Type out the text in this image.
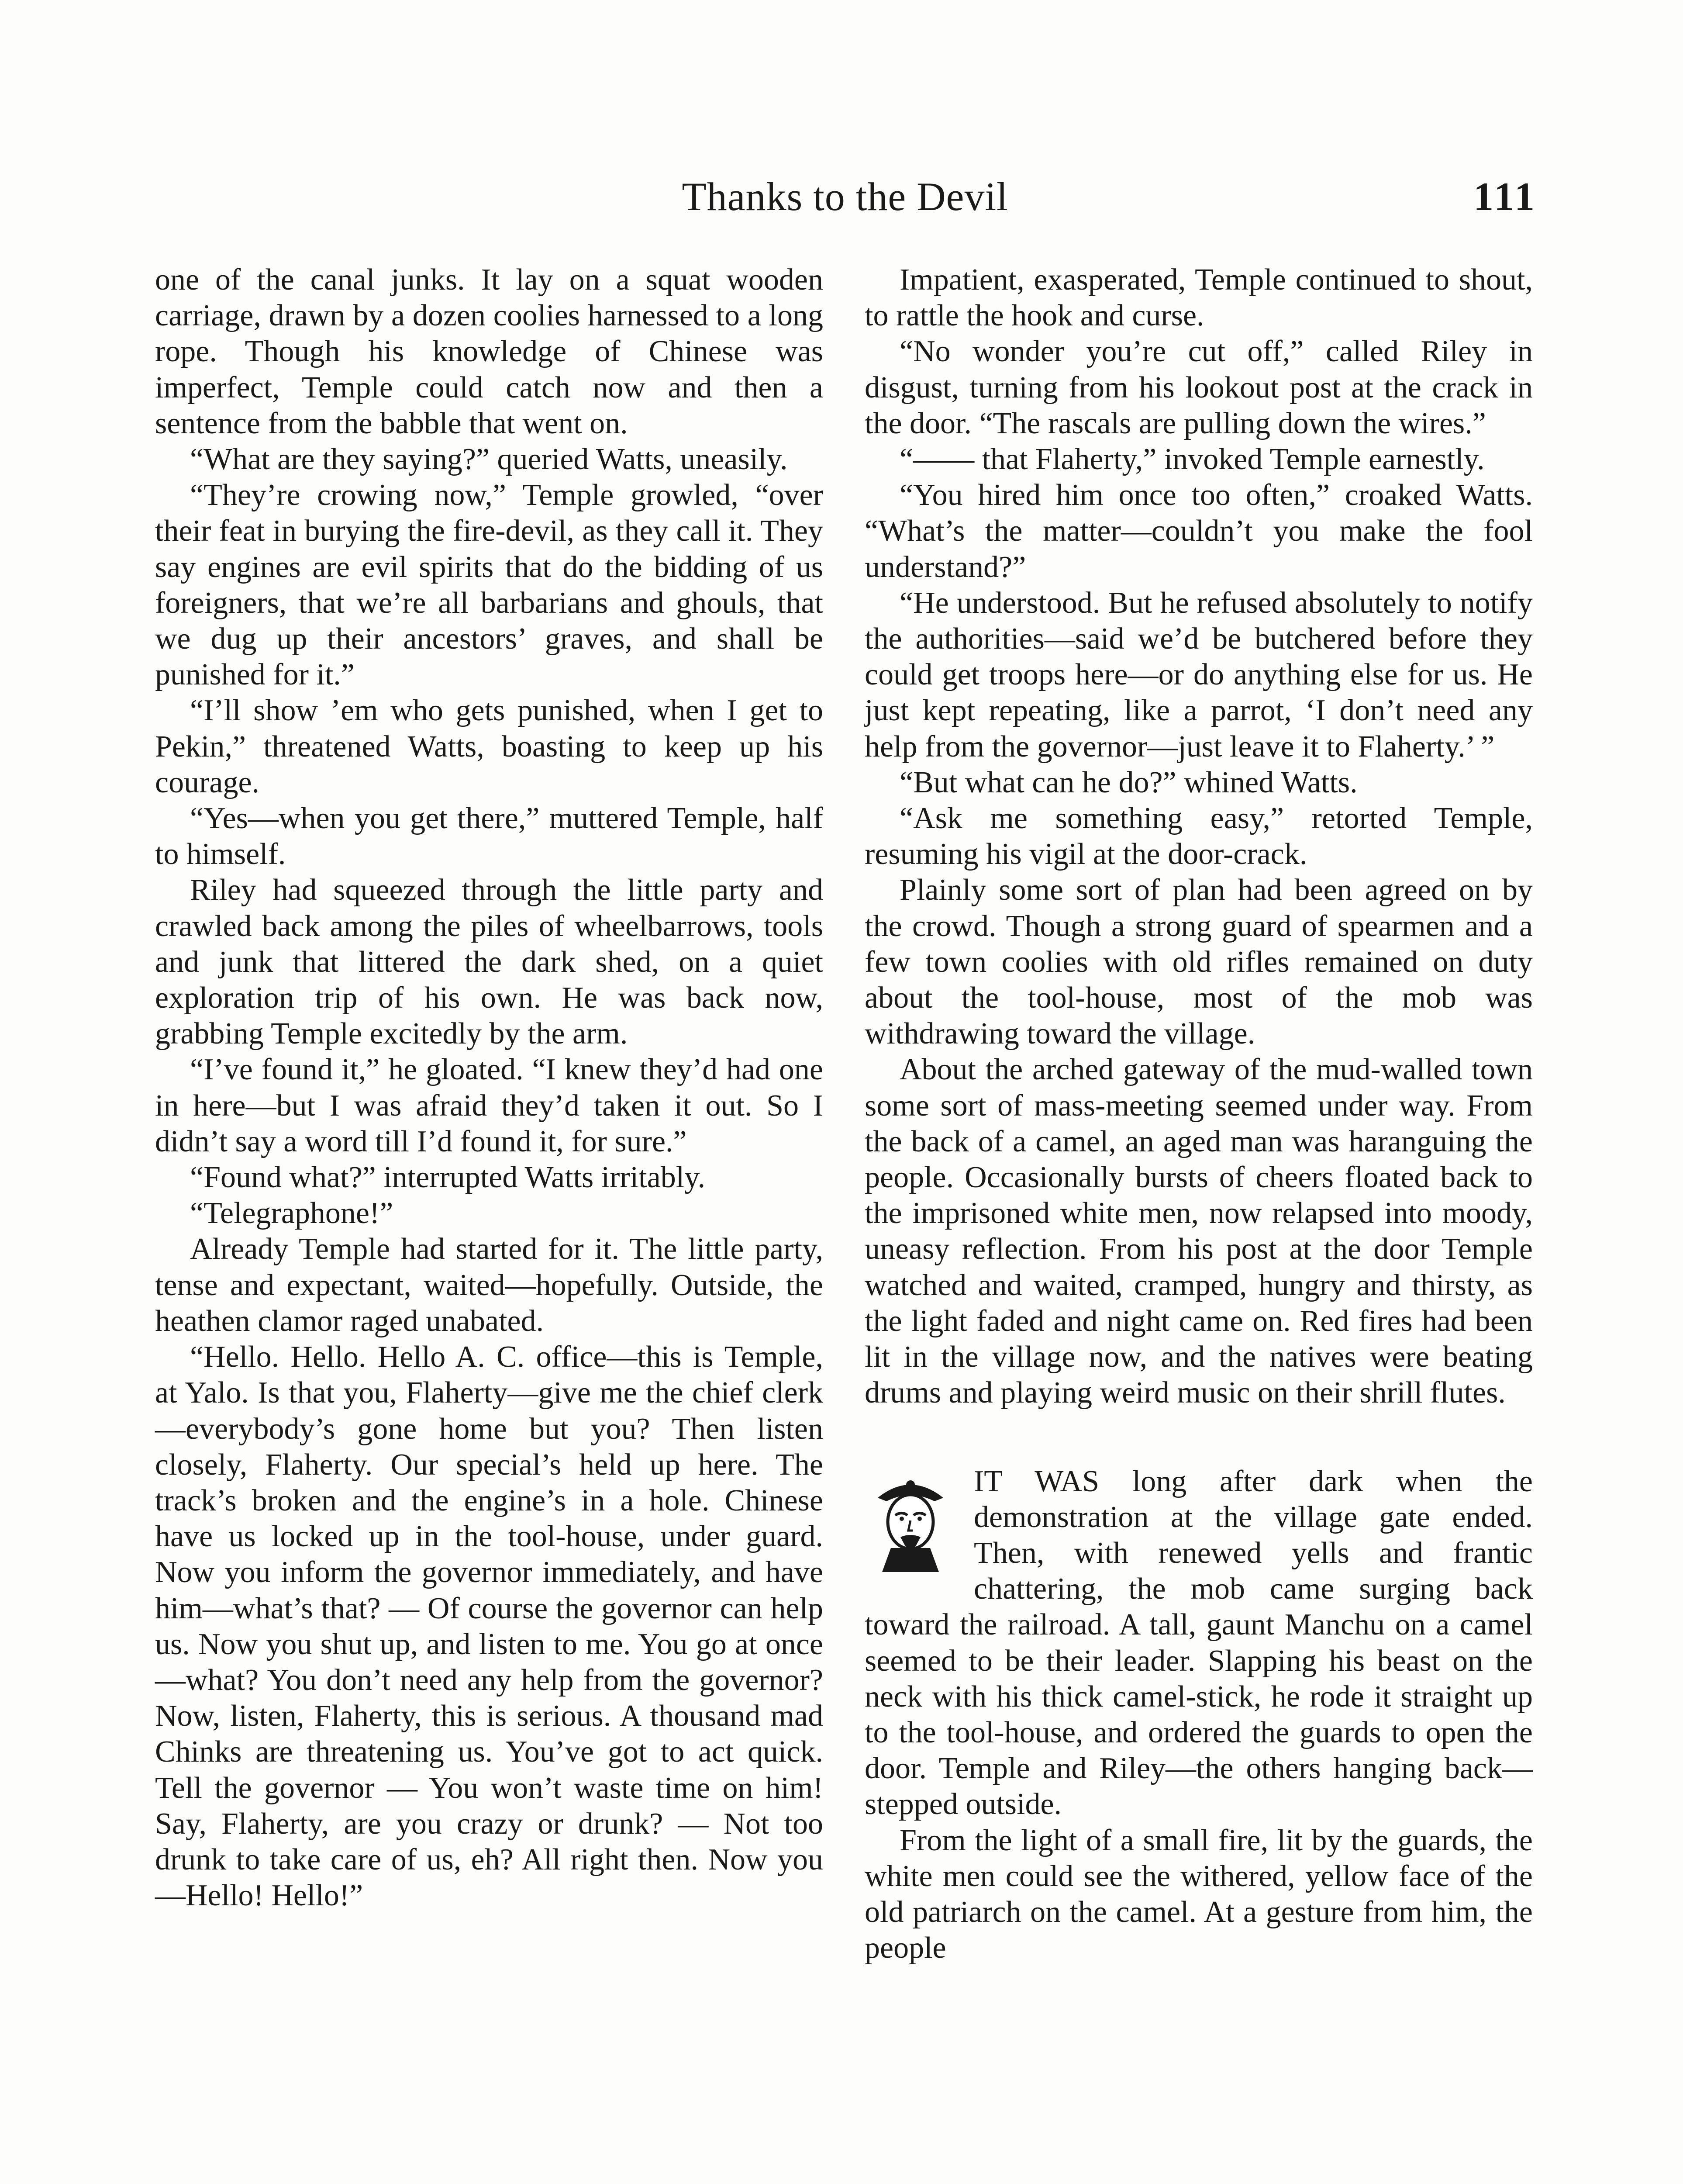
Thanks to the Devil	111

one of the canal junks. It lay on a squat wooden carriage, drawn by a dozen coolies harnessed to a long rope. Though his knowledge of Chinese was imperfect, Temple could catch now and then a sentence from the babble that went on.

“What are they saying?” queried Watts, uneasily.

“They’re crowing now,” Temple growled, “over their feat in burying the fire-devil, as they call it. They say engines are evil spirits that do the bidding of us foreigners, that we’re all barbarians and ghouls, that we dug up their ancestors’ graves, and shall be punished for it.”

“I’ll show ’em who gets punished, when I get to Pekin,” threatened Watts, boasting to keep up his courage.

“Yes—when you get there,” muttered Temple, half to himself.

Riley had squeezed through the little party and crawled back among the piles of wheelbarrows, tools and junk that littered the dark shed, on a quiet exploration trip of his own. He was back now, grabbing Temple excitedly by the arm.

“I’ve found it,” he gloated. “I knew they’d had one in here—but I was afraid they’d taken it out. So I didn’t say a word till I’d found it, for sure.”

“Found what?” interrupted Watts irritably.

“Telegraphone!”

Already Temple had started for it. The little party, tense and expectant, waited—hopefully. Outside, the heathen clamor raged unabated.

“Hello. Hello. Hello A. C. office—this is Temple, at Yalo. Is that you, Flaherty—give me the chief clerk—everybody’s gone home but you? Then listen closely, Flaherty. Our special’s held up here. The track’s broken and the engine’s in a hole. Chinese have us locked up in the tool-house, under guard. Now you inform the governor immediately, and have him—what’s that? — Of course the governor can help us. Now you shut up, and listen to me. You go at once—what? You don’t need any help from the governor? Now, listen, Flaherty, this is serious. A thousand mad Chinks are threatening us. You’ve got to act quick. Tell the governor — You won’t waste time on him! Say, Flaherty, are you crazy or drunk? — Not too drunk to take care of us, eh? All right then. Now you—Hello! Hello!”

Impatient, exasperated, Temple continued to shout, to rattle the hook and curse.

“No wonder you’re cut off,” called Riley in disgust, turning from his lookout post at the crack in the door. “The rascals are pulling down the wires.”

“—— that Flaherty,” invoked Temple earnestly.

“You hired him once too often,” croaked Watts. “What’s the matter—couldn’t you make the fool understand?”

“He understood. But he refused absolutely to notify the authorities—said we’d be butchered before they could get troops here—or do anything else for us. He just kept repeating, like a parrot, ‘I don’t need any help from the governor—just leave it to Flaherty.’ ”

“But what can he do?” whined Watts.

“Ask me something easy,” retorted Temple, resuming his vigil at the door-crack.

Plainly some sort of plan had been agreed on by the crowd. Though a strong guard of spearmen and a few town coolies with old rifles remained on duty about the tool-house, most of the mob was withdrawing toward the village.

About the arched gateway of the mud-walled town some sort of mass-meeting seemed under way. From the back of a camel, an aged man was haranguing the people. Occasionally bursts of cheers floated back to the imprisoned white men, now relapsed into moody, uneasy reflection. From his post at the door Temple watched and waited, cramped, hungry and thirsty, as the light faded and night came on. Red fires had been lit in the village now, and the natives were beating drums and playing weird music on their shrill flutes.

IT WAS long after dark when the demonstration at the village gate ended. Then, with renewed yells and frantic chattering, the mob came surging back toward the railroad. A tall, gaunt Manchu on a camel seemed to be their leader. Slapping his beast on the neck with his thick camel-stick, he rode it straight up to the tool-house, and ordered the guards to open the door. Temple and Riley—the others hanging back—stepped outside.

From the light of a small fire, lit by the guards, the white men could see the withered, yellow face of the old patriarch on the camel. At a gesture from him, the people
